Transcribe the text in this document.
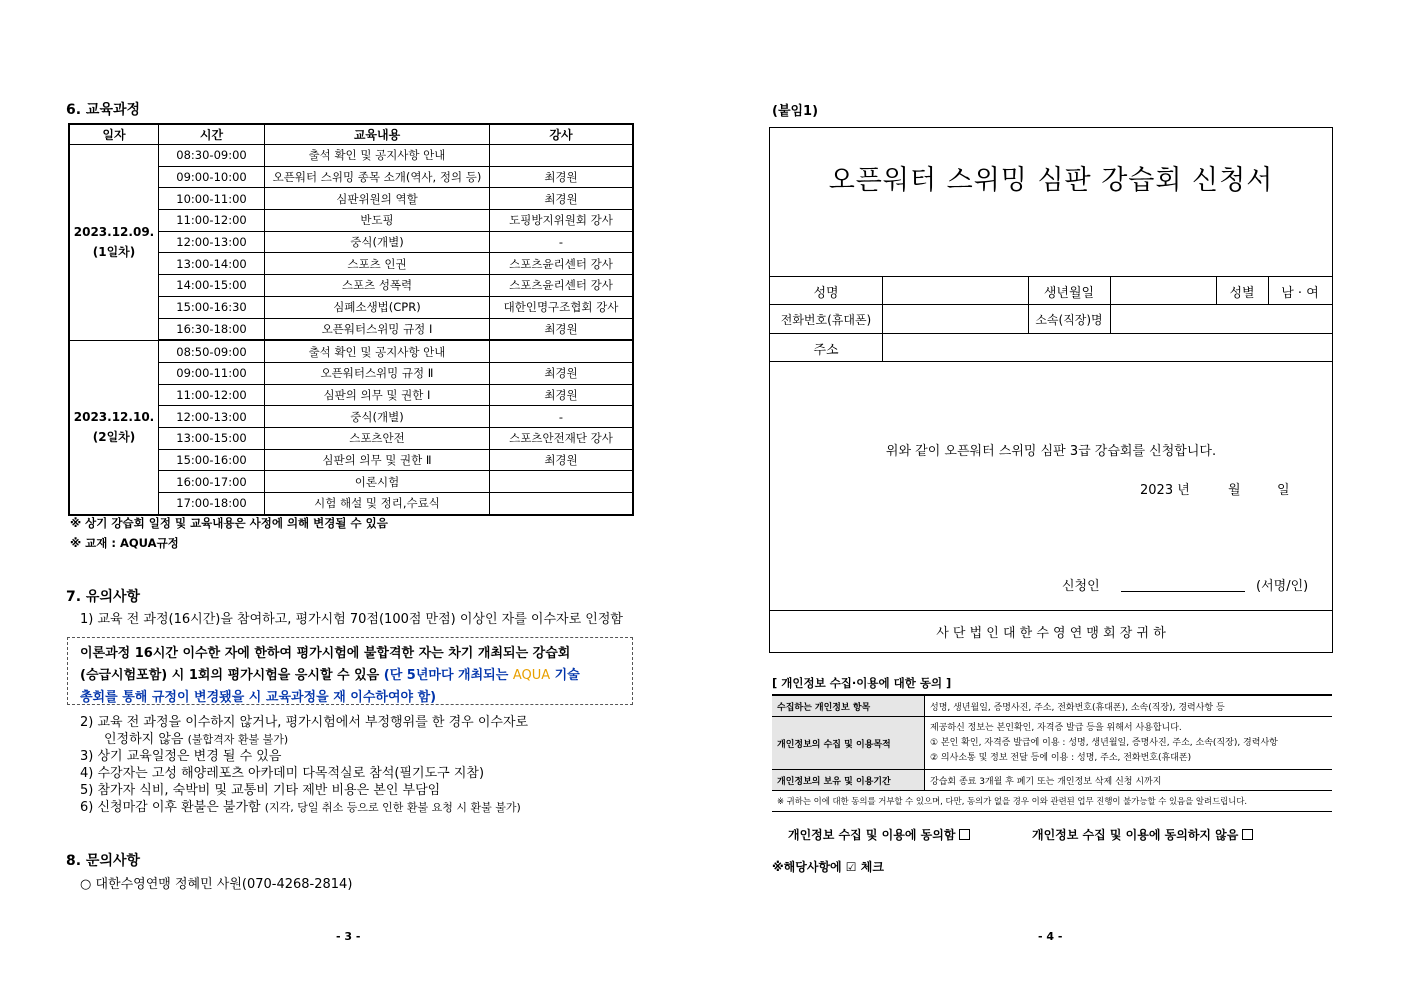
6. 교육과정
일자	시간	교육내용	강사

2023.12.09.
(1일차)	08:30-09:00	출석 확인 및 공지사항 안내	
	09:00-10:00	오픈워터 스위밍 종목 소개(역사, 정의 등)	최경원
	10:00-11:00	심판위원의 역할	최경원
	11:00-12:00	반도핑	도핑방지위원회 강사
	12:00-13:00	중식(개별)	-
	13:00-14:00	스포츠 인권	스포츠윤리센터 강사
	14:00-15:00	스포츠 성폭력	스포츠윤리센터 강사
	15:00-16:30	심폐소생법(CPR)	대한인명구조협회 강사
	16:30-18:00	오픈워터스위밍 규정 Ⅰ	최경원

2023.12.10.
(2일차)	08:50-09:00	출석 확인 및 공지사항 안내	
	09:00-11:00	오픈워터스위밍 규정 Ⅱ	최경원
	11:00-12:00	심판의 의무 및 권한 Ⅰ	최경원
	12:00-13:00	중식(개별)	-
	13:00-15:00	스포츠안전	스포츠안전재단 강사
	15:00-16:00	심판의 의무 및 권한 Ⅱ	최경원
	16:00-17:00	이론시험	
	17:00-18:00	시험 해설 및 정리,수료식	
※ 상기 강습회 일정 및 교육내용은 사정에 의해 변경될 수 있음
※ 교재 : AQUA규정
7. 유의사항
1) 교육 전 과정(16시간)을 참여하고, 평가시험 70점(100점 만점) 이상인 자를 이수자로 인정함
이론과정 16시간 이수한 자에 한하여 평가시험에 불합격한 자는 차기 개최되는 강습회
(승급시험포함) 시 1회의 평가시험을 응시할 수 있음 (단 5년마다 개최되는 AQUA 기술
총회를 통해 규정이 변경됐을 시 교육과정을 재 이수하여야 함)
2) 교육 전 과정을 이수하지 않거나, 평가시험에서 부정행위를 한 경우 이수자로
인정하지 않음 (불합격자 환불 불가)
3) 상기 교육일정은 변경 될 수 있음
4) 수강자는 고성 해양레포츠 아카데미 다목적실로 참석(필기도구 지참)
5) 참가자 식비, 숙박비 및 교통비 기타 제반 비용은 본인 부담임
6) 신청마감 이후 환불은 불가함 (지각, 당일 취소 등으로 인한 환불 요청 시 환불 불가)
8. 문의사항
○ 대한수영연맹 정혜민 사원(070-4268-2814)
- 3 -
(붙임1)
오픈워터 스위밍 심판 강습회 신청서
성명	생년월일	성별	남 · 여
전화번호(휴대폰)	소속(직장)명
주소
위와 같이 오픈워터 스위밍 심판 3급 강습회를 신청합니다.
2023 년	월	일
신청인	(서명/인)
사 단 법 인 대 한 수 영 연 맹 회 장 귀 하
[ 개인정보 수집·이용에 대한 동의 ]
수집하는 개인정보 항목	성명, 생년월일, 증명사진, 주소, 전화번호(휴대폰), 소속(직장), 경력사항 등
개인정보의 수집 및 이용목적	제공하신 정보는 본인확인, 자격증 발급 등을 위해서 사용합니다.
① 본인 확인, 자격증 발급에 이용 : 성명, 생년월일, 증명사진, 주소, 소속(직장), 경력사항
② 의사소통 및 정보 전달 등에 이용 : 성명, 주소, 전화번호(휴대폰)

개인정보의 보유 및 이용기간	강습회 종료 3개월 후 폐기 또는 개인정보 삭제 신청 시까지
※ 귀하는 이에 대한 동의를 거부할 수 있으며, 다만, 동의가 없을 경우 이와 관련된 업무 진행이 불가능할 수 있음을 알려드립니다.	
개인정보 수집 및 이용에 동의함	개인정보 수집 및 이용에 동의하지 않음
※해당사항에 ☑ 체크
- 4 -
